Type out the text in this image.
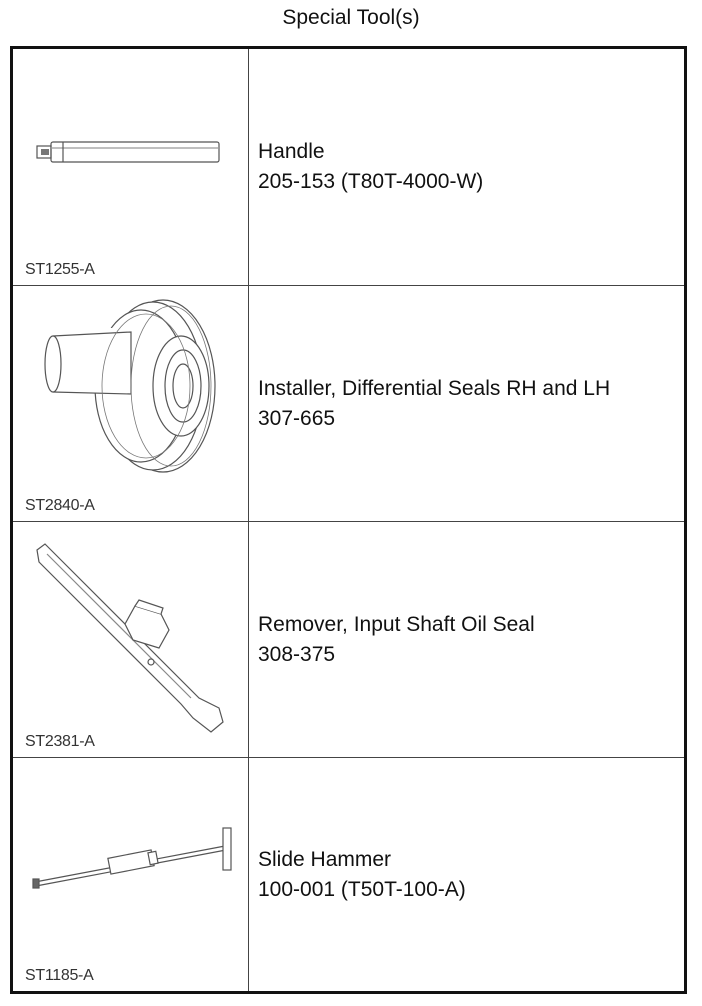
Special Tool(s)
ST1255-A
Handle
205-153 (T80T-4000-W)
ST2840-A
Installer, Differential Seals RH and LH
307-665
ST2381-A
Remover, Input Shaft Oil Seal
308-375
ST1185-A
Slide Hammer
100-001 (T50T-100-A)
